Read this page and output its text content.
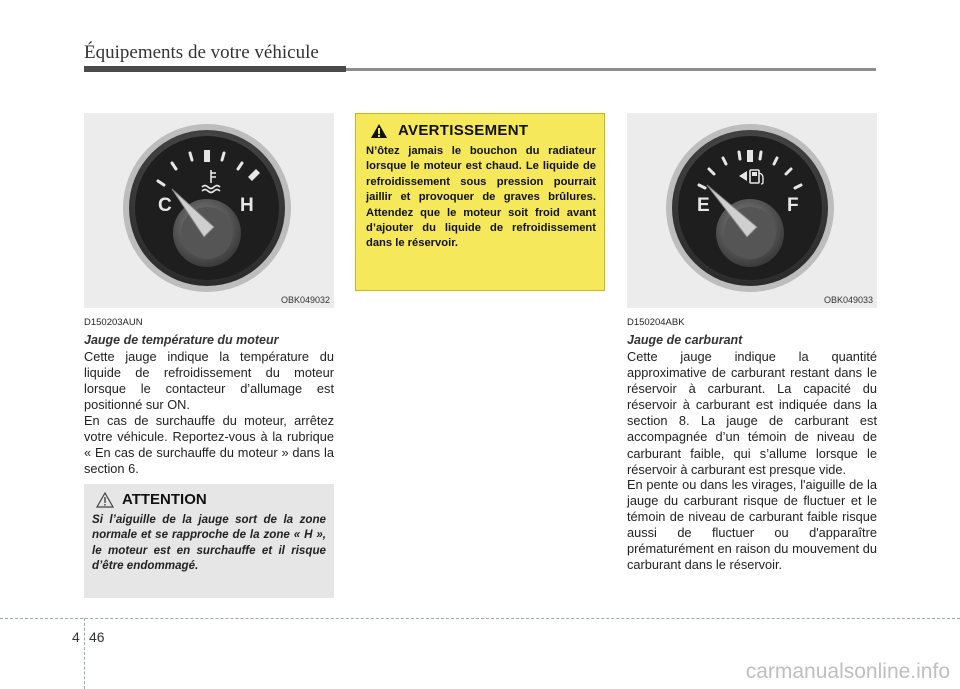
Équipements de votre véhicule
C	H
OBK049032
AVERTISSEMENT
N’ôtez jamais le bouchon du radiateur lorsque le moteur est chaud. Le liquide de refroidissement sous pression pourrait jaillir et provoquer de graves brûlures. Attendez que le moteur soit froid avant d’ajouter du liquide de refroidissement dans le réservoir.
E	F
OBK049033
D150203AUN
Jauge de température du moteur

Cette jauge indique la température du liquide de refroidissement du moteur lorsque le contacteur d’allumage est positionné sur ON.

En cas de surchauffe du moteur, arrêtez votre véhicule. Reportez-vous à la rubrique « En cas de surchauffe du moteur » dans la section 6.

ATTENTION
Si l’aiguille de la jauge sort de la zone normale et se rapproche de la zone « H », le moteur est en surchauffe et il risque d’être endommagé.
D150204ABK
Jauge de carburant

Cette jauge indique la quantité approximative de carburant restant dans le réservoir à carburant. La capacité du réservoir à carburant est indiquée dans la section 8. La jauge de carburant est accompagnée d’un témoin de niveau de carburant faible, qui s’allume lorsque le réservoir à carburant est presque vide.

En pente ou dans les virages, l'aiguille de la jauge du carburant risque de fluctuer et le témoin de niveau de carburant faible risque aussi de fluctuer ou d'apparaître prématurément en raison du mouvement du carburant dans le réservoir.

4 46
carmanualsonline.info
